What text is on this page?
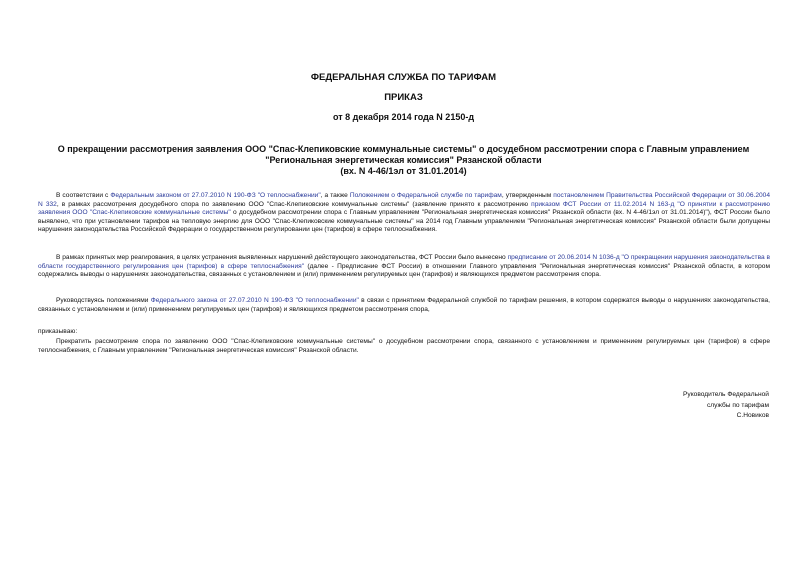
ФЕДЕРАЛЬНАЯ СЛУЖБА ПО ТАРИФАМ
ПРИКАЗ
от 8 декабря 2014 года N 2150-д
О прекращении рассмотрения заявления ООО "Спас-Клепиковские коммунальные системы" о досудебном рассмотрении спора с Главным управлением
"Региональная энергетическая комиссия" Рязанской области
(вх. N 4-46/1эл от 31.01.2014)
В соответствии с Федеральным законом от 27.07.2010 N 190-ФЗ "О теплоснабжении", а также Положением о Федеральной службе по тарифам, утвержденным постановлением Правительства Российской Федерации от 30.06.2004 N 332, в рамках рассмотрения досудебного спора по заявлению ООО "Спас-Клепиковские коммунальные системы" (заявление принято к рассмотрению приказом ФСТ России от 11.02.2014 N 163-д "О принятии к рассмотрению заявления ООО "Спас-Клепиковские коммунальные системы" о досудебном рассмотрении спора с Главным управлением "Региональная энергетическая комиссия" Рязанской области (вх. N 4-46/1эл от 31.01.2014)"), ФСТ России было выявлено, что при установлении тарифов на тепловую энергию для ООО "Спас-Клепиковские коммунальные системы" на 2014 год Главным управлением "Региональная энергетическая комиссия" Рязанской области были допущены нарушения законодательства Российской Федерации о государственном регулировании цен (тарифов) в сфере теплоснабжения.
В рамках принятых мер реагирования, в целях устранения выявленных нарушений действующего законодательства, ФСТ России было вынесено предписание от 20.06.2014 N 1036-д "О прекращении нарушения законодательства в области государственного регулирования цен (тарифов) в сфере теплоснабжения" (далее - Предписание ФСТ России) в отношении Главного управления "Региональная энергетическая комиссия" Рязанской области, в котором содержались выводы о нарушениях законодательства, связанных с установлением и (или) применением регулируемых цен (тарифов) и являющихся предметом рассмотрения спора.
Руководствуясь положениями Федерального закона от 27.07.2010 N 190-ФЗ "О теплоснабжении" в связи с принятием Федеральной службой по тарифам решения, в котором содержатся выводы о нарушениях законодательства, связанных с установлением и (или) применением регулируемых цен (тарифов) и являющихся предметом рассмотрения спора,
приказываю:
Прекратить рассмотрение спора по заявлению ООО "Спас-Клепиковские коммунальные системы" о досудебном рассмотрении спора, связанного с установлением и применением регулируемых цен (тарифов) в сфере теплоснабжения, с Главным управлением "Региональная энергетическая комиссия" Рязанской области.
Руководитель Федеральной
службы по тарифам
С.Новиков
